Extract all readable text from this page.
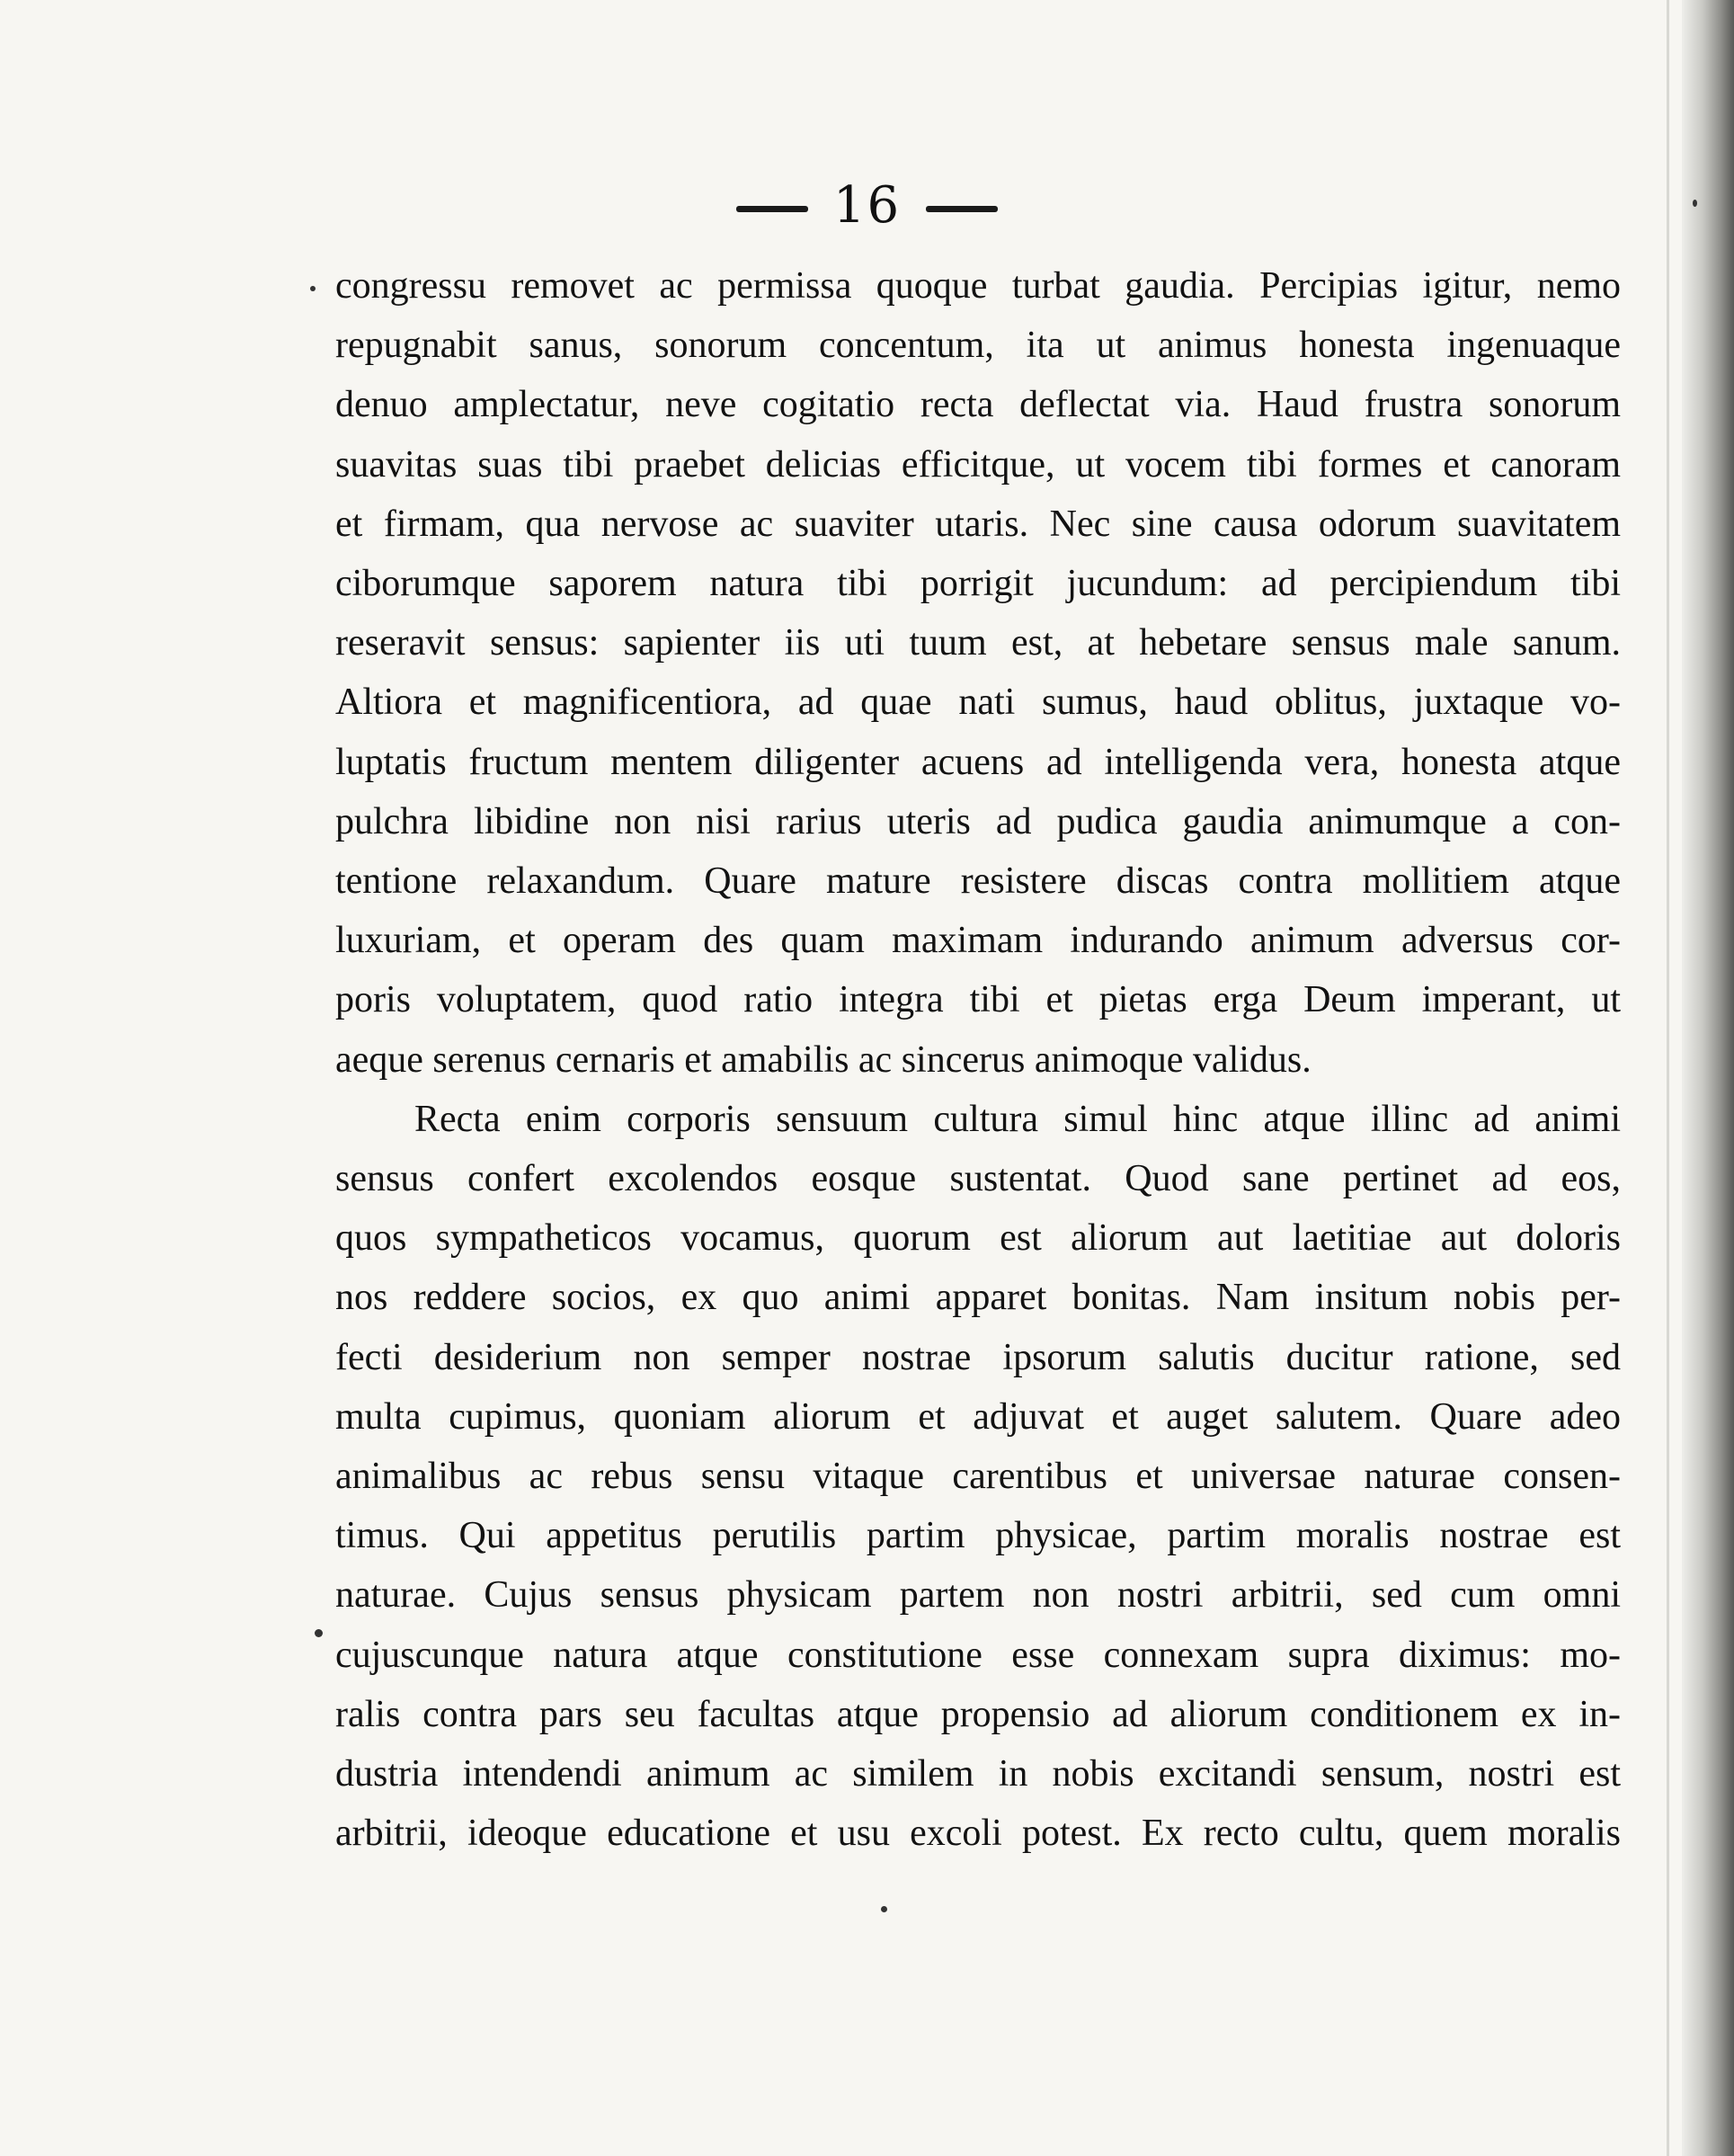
16

congressu removet ac permissa quoque turbat gaudia. Percipias igitur, nemo
repugnabit sanus, sonorum concentum, ita ut animus honesta ingenuaque
denuo amplectatur, neve cogitatio recta deflectat via. Haud frustra sonorum
suavitas suas tibi praebet delicias efficitque, ut vocem tibi formes et canoram
et firmam, qua nervose ac suaviter utaris. Nec sine causa odorum suavitatem
ciborumque saporem natura tibi porrigit jucundum: ad percipiendum tibi
reseravit sensus: sapienter iis uti tuum est, at hebetare sensus male sanum.
Altiora et magnificentiora, ad quae nati sumus, haud oblitus, juxtaque vo-
luptatis fructum mentem diligenter acuens ad intelligenda vera, honesta atque
pulchra libidine non nisi rarius uteris ad pudica gaudia animumque a con-
tentione relaxandum. Quare mature resistere discas contra mollitiem atque
luxuriam, et operam des quam maximam indurando animum adversus cor-
poris voluptatem, quod ratio integra tibi et pietas erga Deum imperant, ut
aeque serenus cernaris et amabilis ac sincerus animoque validus.

Recta enim corporis sensuum cultura simul hinc atque illinc ad animi
sensus confert excolendos eosque sustentat. Quod sane pertinet ad eos,
quos sympatheticos vocamus, quorum est aliorum aut laetitiae aut doloris
nos reddere socios, ex quo animi apparet bonitas. Nam insitum nobis per-
fecti desiderium non semper nostrae ipsorum salutis ducitur ratione, sed
multa cupimus, quoniam aliorum et adjuvat et auget salutem. Quare adeo
animalibus ac rebus sensu vitaque carentibus et universae naturae consen-
timus. Qui appetitus perutilis partim physicae, partim moralis nostrae est
naturae. Cujus sensus physicam partem non nostri arbitrii, sed cum omni
cujuscunque natura atque constitutione esse connexam supra diximus: mo-
ralis contra pars seu facultas atque propensio ad aliorum conditionem ex in-
dustria intendendi animum ac similem in nobis excitandi sensum, nostri est
arbitrii, ideoque educatione et usu excoli potest. Ex recto cultu, quem moralis
